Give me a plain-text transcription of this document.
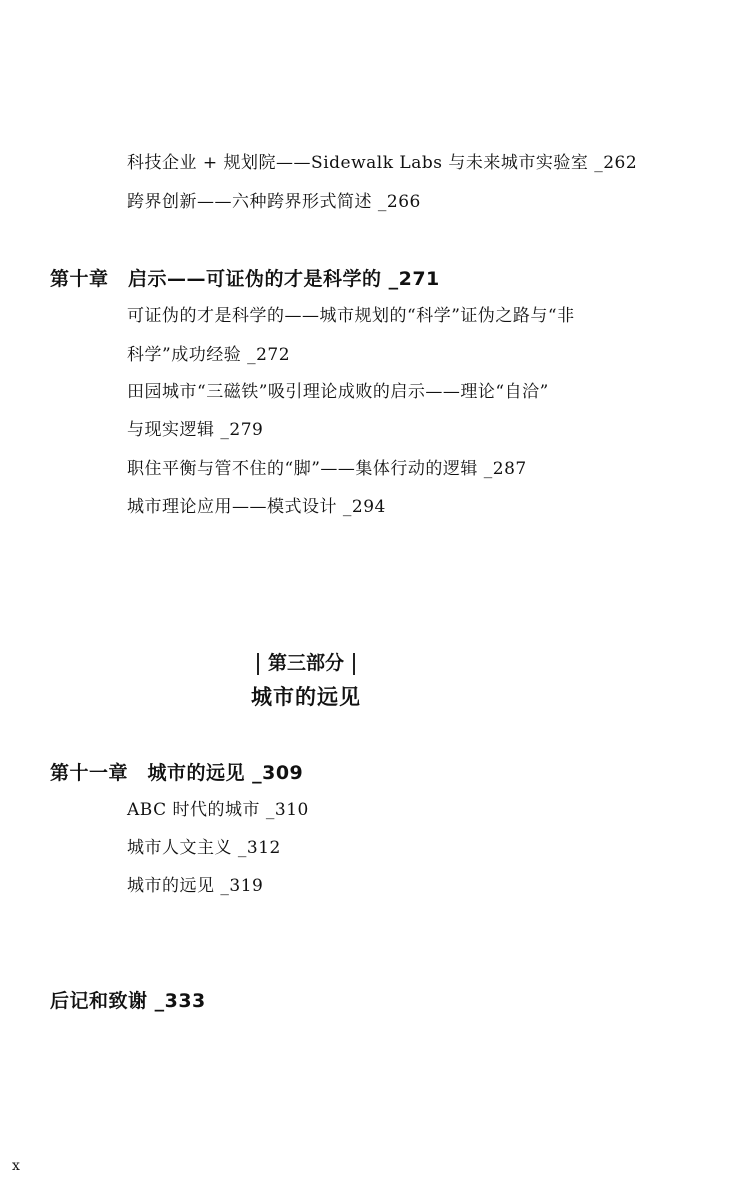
科技企业 + 规划院——Sidewalk Labs 与未来城市实验室 _262
跨界创新——六种跨界形式简述 _266
第十章　启示——可证伪的才是科学的 _271
可证伪的才是科学的——城市规划的“科学”证伪之路与“非
科学”成功经验 _272
田园城市“三磁铁”吸引理论成败的启示——理论“自洽”
与现实逻辑 _279
职住平衡与管不住的“脚”——集体行动的逻辑 _287
城市理论应用——模式设计 _294
第三部分
城市的远见
第十一章　城市的远见 _309
ABC 时代的城市 _310
城市人文主义 _312
城市的远见 _319
后记和致谢 _333
x
